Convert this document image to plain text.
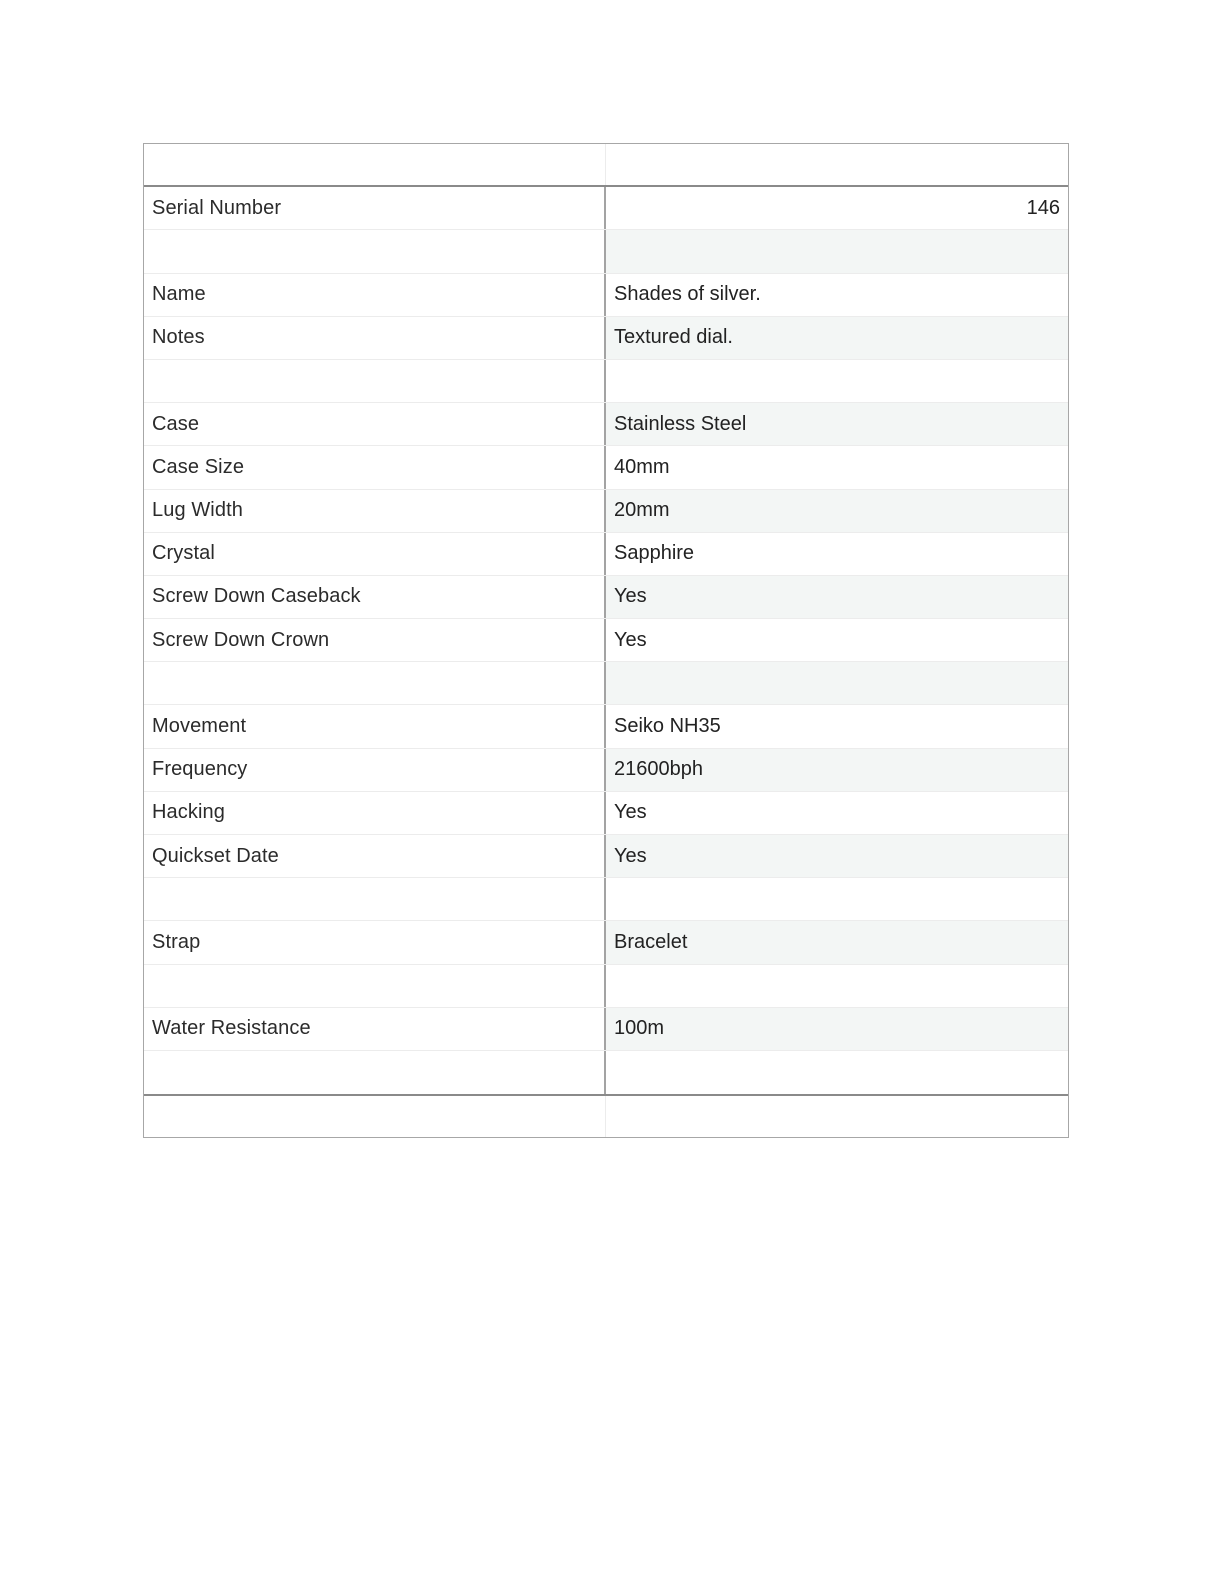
Serial Number	146
Name	Shades of silver.
Notes	Textured dial.
Case	Stainless Steel
Case Size	40mm
Lug Width	20mm
Crystal	Sapphire
Screw Down Caseback	Yes
Screw Down Crown	Yes
Movement	Seiko NH35
Frequency	21600bph
Hacking	Yes
Quickset Date	Yes
Strap	Bracelet
Water Resistance	100m
